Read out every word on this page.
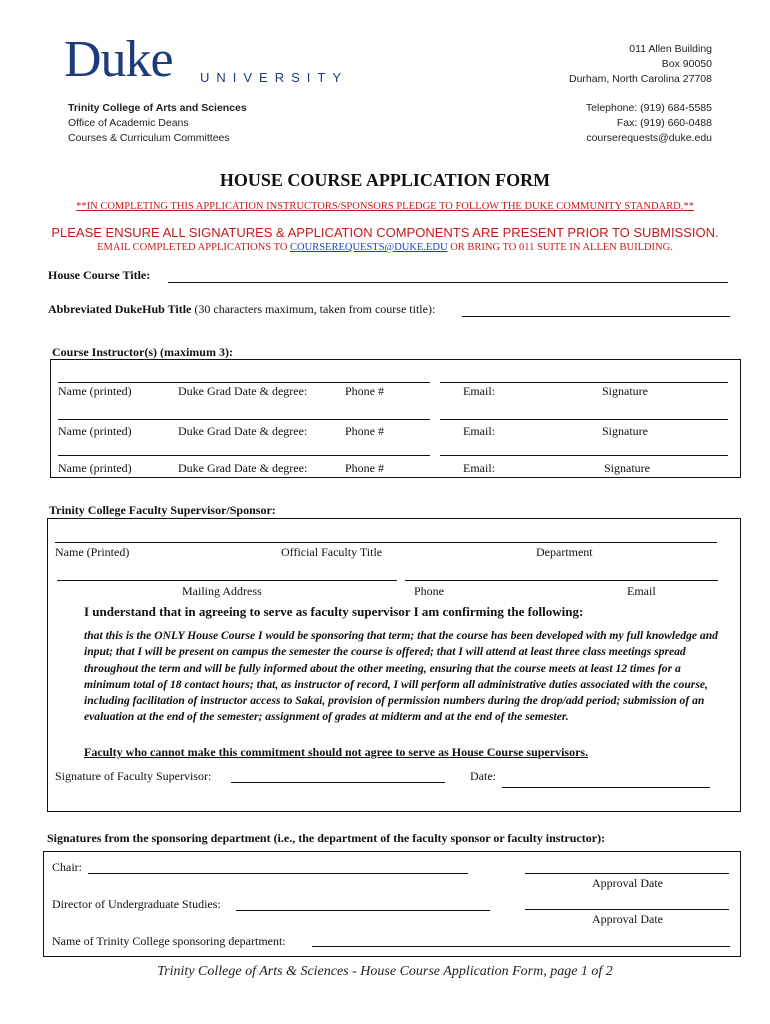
Duke UNIVERSITY
Trinity College of Arts and Sciences
Office of Academic Deans
Courses & Curriculum Committees
011 Allen Building
Box 90050
Durham, North Carolina 27708
Telephone: (919) 684-5585
Fax: (919) 660-0488
courserequests@duke.edu
HOUSE COURSE APPLICATION FORM
**IN COMPLETING THIS APPLICATION INSTRUCTORS/SPONSORS PLEDGE TO FOLLOW THE DUKE COMMUNITY STANDARD.**
PLEASE ENSURE ALL SIGNATURES & APPLICATION COMPONENTS ARE PRESENT PRIOR TO SUBMISSION.
EMAIL COMPLETED APPLICATIONS TO COURSEREQUESTS@DUKE.EDU OR BRING TO 011 SUITE IN ALLEN BUILDING.
House Course Title:
Abbreviated DukeHub Title (30 characters maximum, taken from course title):
Course Instructor(s) (maximum 3):
Name (printed)	Duke Grad Date & degree:	Phone #	Email:	Signature
Name (printed)	Duke Grad Date & degree:	Phone #	Email:	Signature
Name (printed)	Duke Grad Date & degree:	Phone #	Email:	Signature
Trinity College Faculty Supervisor/Sponsor:
Name (Printed)	Official Faculty Title	Department
Mailing Address	Phone	Email
I understand that in agreeing to serve as faculty supervisor I am confirming the following:
that this is the ONLY House Course I would be sponsoring that term; that the course has been developed with my full knowledge and input; that I will be present on campus the semester the course is offered; that I will attend at least three class meetings spread throughout the term and will be fully informed about the other meeting, ensuring that the course meets at least 12 times for a minimum total of 18 contact hours; that, as instructor of record, I will perform all administrative duties associated with the course, including facilitation of instructor access to Sakai, provision of permission numbers during the drop/add period; submission of an evaluation at the end of the semester; assignment of grades at midterm and at the end of the semester.
Faculty who cannot make this commitment should not agree to serve as House Course supervisors.
Signature of Faculty Supervisor:	Date:
Signatures from the sponsoring department (i.e., the department of the faculty sponsor or faculty instructor):
Chair:
Approval Date
Director of Undergraduate Studies:
Approval Date
Name of Trinity College sponsoring department:
Trinity College of Arts & Sciences - House Course Application Form, page 1 of 2
